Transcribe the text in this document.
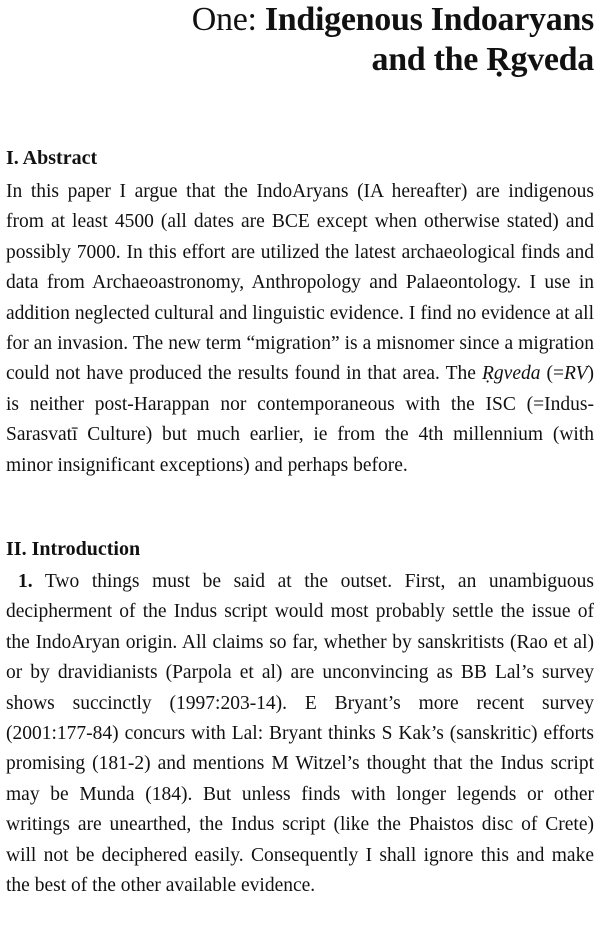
One: Indigenous Indoaryans
and the Ṛgveda
I. Abstract

In this paper I argue that the IndoAryans (IA hereafter) are indigenous from at least 4500 (all dates are BCE except when otherwise stated) and possibly 7000. In this effort are utilized the latest archaeological finds and data from Archaeoastronomy, Anthropology and Palaeontology. I use in addition neglected cultural and linguistic evidence. I find no evidence at all for an invasion. The new term “migration” is a misnomer since a migration could not have produced the results found in that area. The Ṛgveda (=RV) is neither post-Harappan nor contemporaneous with the ISC (=Indus-Sarasvatī Culture) but much earlier, ie from the 4th millennium (with minor insignificant exceptions) and perhaps before.

II. Introduction

1. Two things must be said at the outset. First, an unambiguous decipherment of the Indus script would most probably settle the issue of the IndoAryan origin. All claims so far, whether by sanskritists (Rao et al) or by dravidianists (Parpola et al) are unconvincing as BB Lal’s survey shows succinctly (1997:203-14). E Bryant’s more recent survey (2001:177-84) concurs with Lal: Bryant thinks S Kak’s (sanskritic) efforts promising (181-2) and mentions M Witzel’s thought that the Indus script may be Munda (184). But unless finds with longer legends or other writings are unearthed, the Indus script (like the Phaistos disc of Crete) will not be deciphered easily. Consequently I shall ignore this and make the best of the other available evidence.
